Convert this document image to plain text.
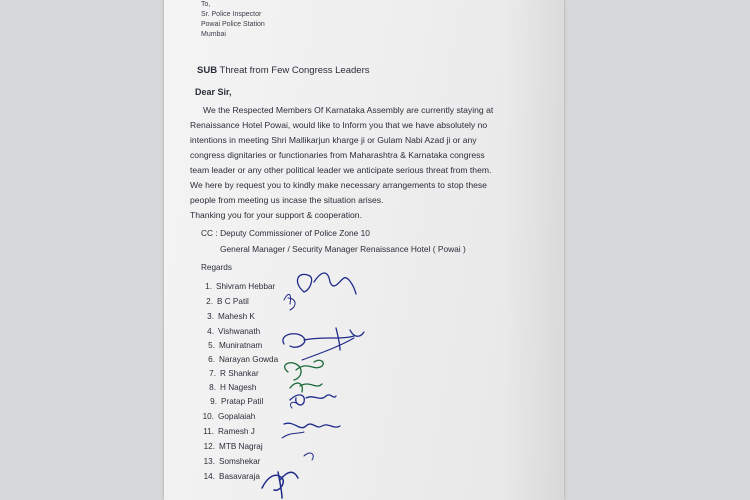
To,
Sr. Police Inspector
Powai Police Station
Mumbai
SUB Threat from Few Congress Leaders
Dear Sir,
We the Respected Members Of Karnataka Assembly are currently staying at
Renaissance Hotel Powai, would like to Inform you that we have absolutely no
intentions in meeting Shri Mallikarjun kharge ji or Gulam Nabi Azad ji or any
congress dignitaries or functionaries from Maharashtra & Karnataka congress
team leader or any other political leader we anticipate serious threat from them.
We here by request you to kindly make necessary arrangements to stop these
people from meeting us incase the situation arises.
Thanking you for your support & cooperation.
CC : Deputy Commissioner of Police Zone 10
General Manager / Security Manager Renaissance Hotel ( Powai )
Regards
1. Shivram Hebbar
2. B C Patil
3. Mahesh K
4. Vishwanath
5. Muniratnam
6. Narayan Gowda
7. R Shankar
8. H Nagesh
9. Pratap Patil
10. Gopalaiah
11. Ramesh J
12. MTB Nagraj
13. Somshekar
14. Basavaraja
